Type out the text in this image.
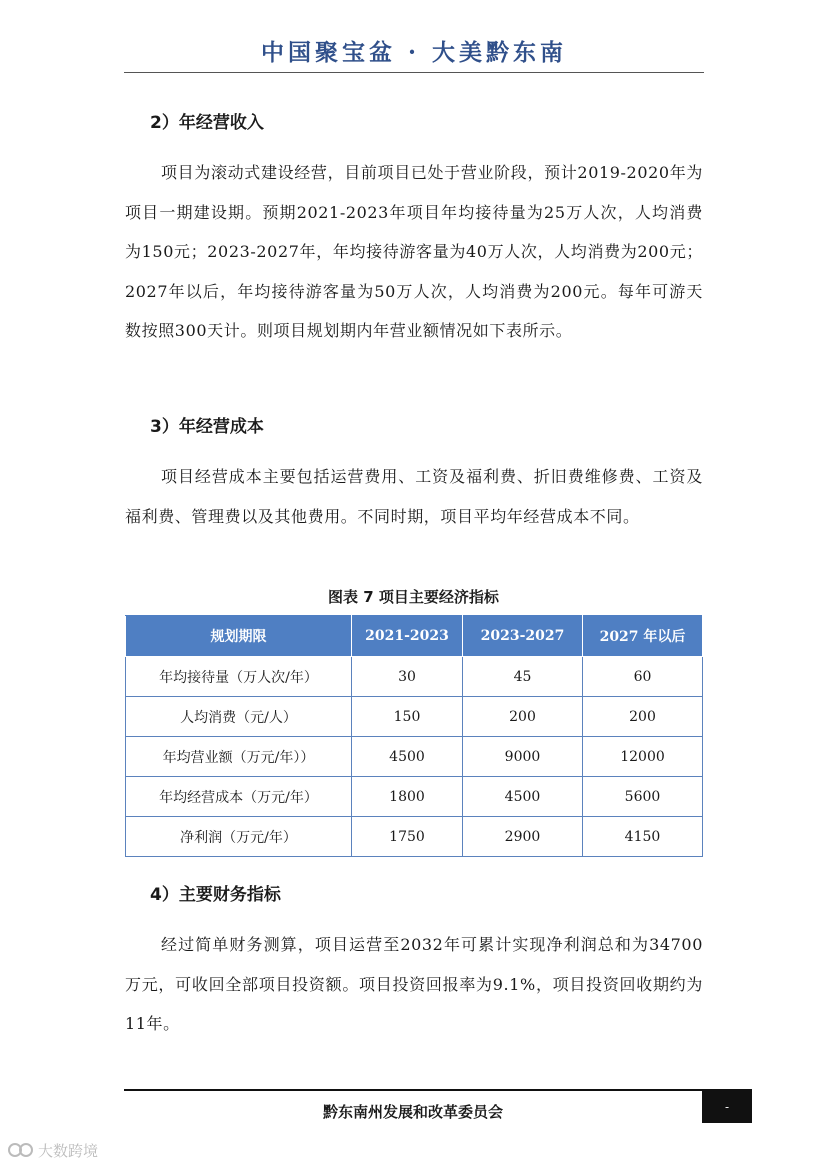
中国聚宝盆 · 大美黔东南
2）年经营收入
项目为滚动式建设经营，目前项目已处于营业阶段，预计2019-2020年为项目一期建设期。预期2021-2023年项目年均接待量为25万人次，人均消费为150元；2023-2027年，年均接待游客量为40万人次，人均消费为200元；2027年以后，年均接待游客量为50万人次，人均消费为200元。每年可游天数按照300天计。则项目规划期内年营业额情况如下表所示。
3）年经营成本
项目经营成本主要包括运营费用、工资及福利费、折旧费维修费、工资及福利费、管理费以及其他费用。不同时期，项目平均年经营成本不同。
图表 7 项目主要经济指标
规划期限	2021-2023	2023-2027	2027 年以后
年均接待量（万人次/年）	30	45	60
人均消费（元/人）	150	200	200
年均营业额（万元/年））	4500	9000	12000
年均经营成本（万元/年）	1800	4500	5600
净利润（万元/年）	1750	2900	4150
4）主要财务指标
经过简单财务测算，项目运营至2032年可累计实现净利润总和为34700万元，可收回全部项目投资额。项目投资回报率为9.1%，项目投资回收期约为11年。
黔东南州发展和改革委员会	-
大数跨境
